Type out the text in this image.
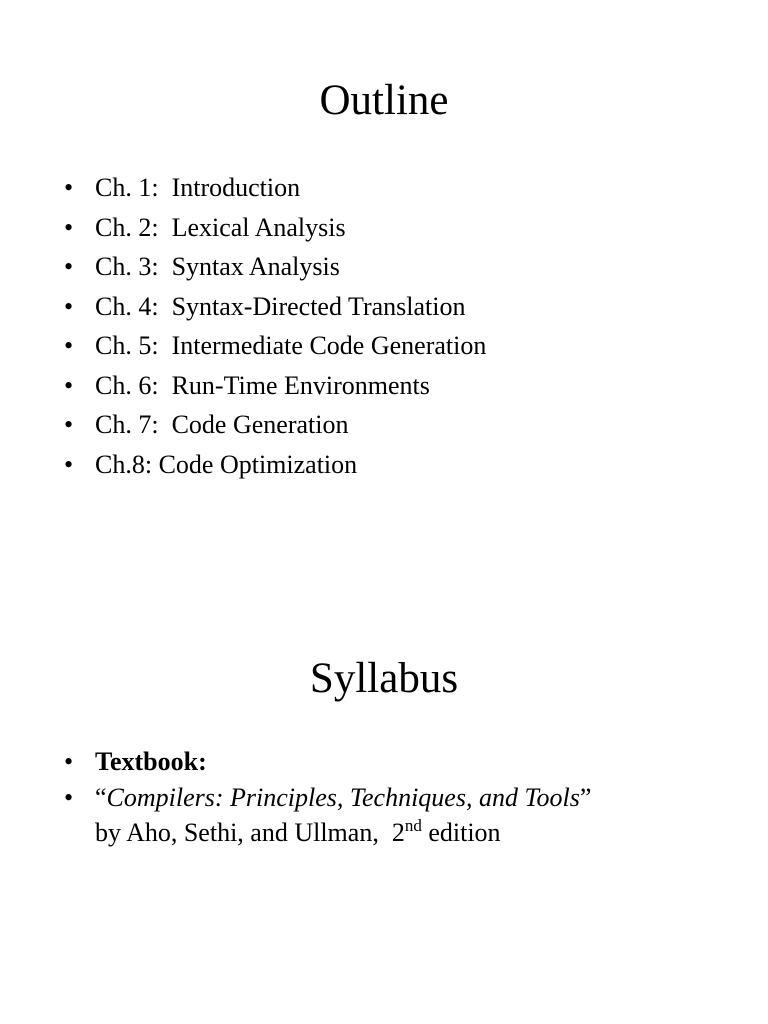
Outline
• Ch. 1: Introduction
• Ch. 2: Lexical Analysis
• Ch. 3: Syntax Analysis
• Ch. 4: Syntax-Directed Translation
• Ch. 5: Intermediate Code Generation
• Ch. 6: Run-Time Environments
• Ch. 7: Code Generation
• Ch.8: Code Optimization
Syllabus
• Textbook:
• “Compilers: Principles, Techniques, and Tools”
by Aho, Sethi, and Ullman, 2nd edition
